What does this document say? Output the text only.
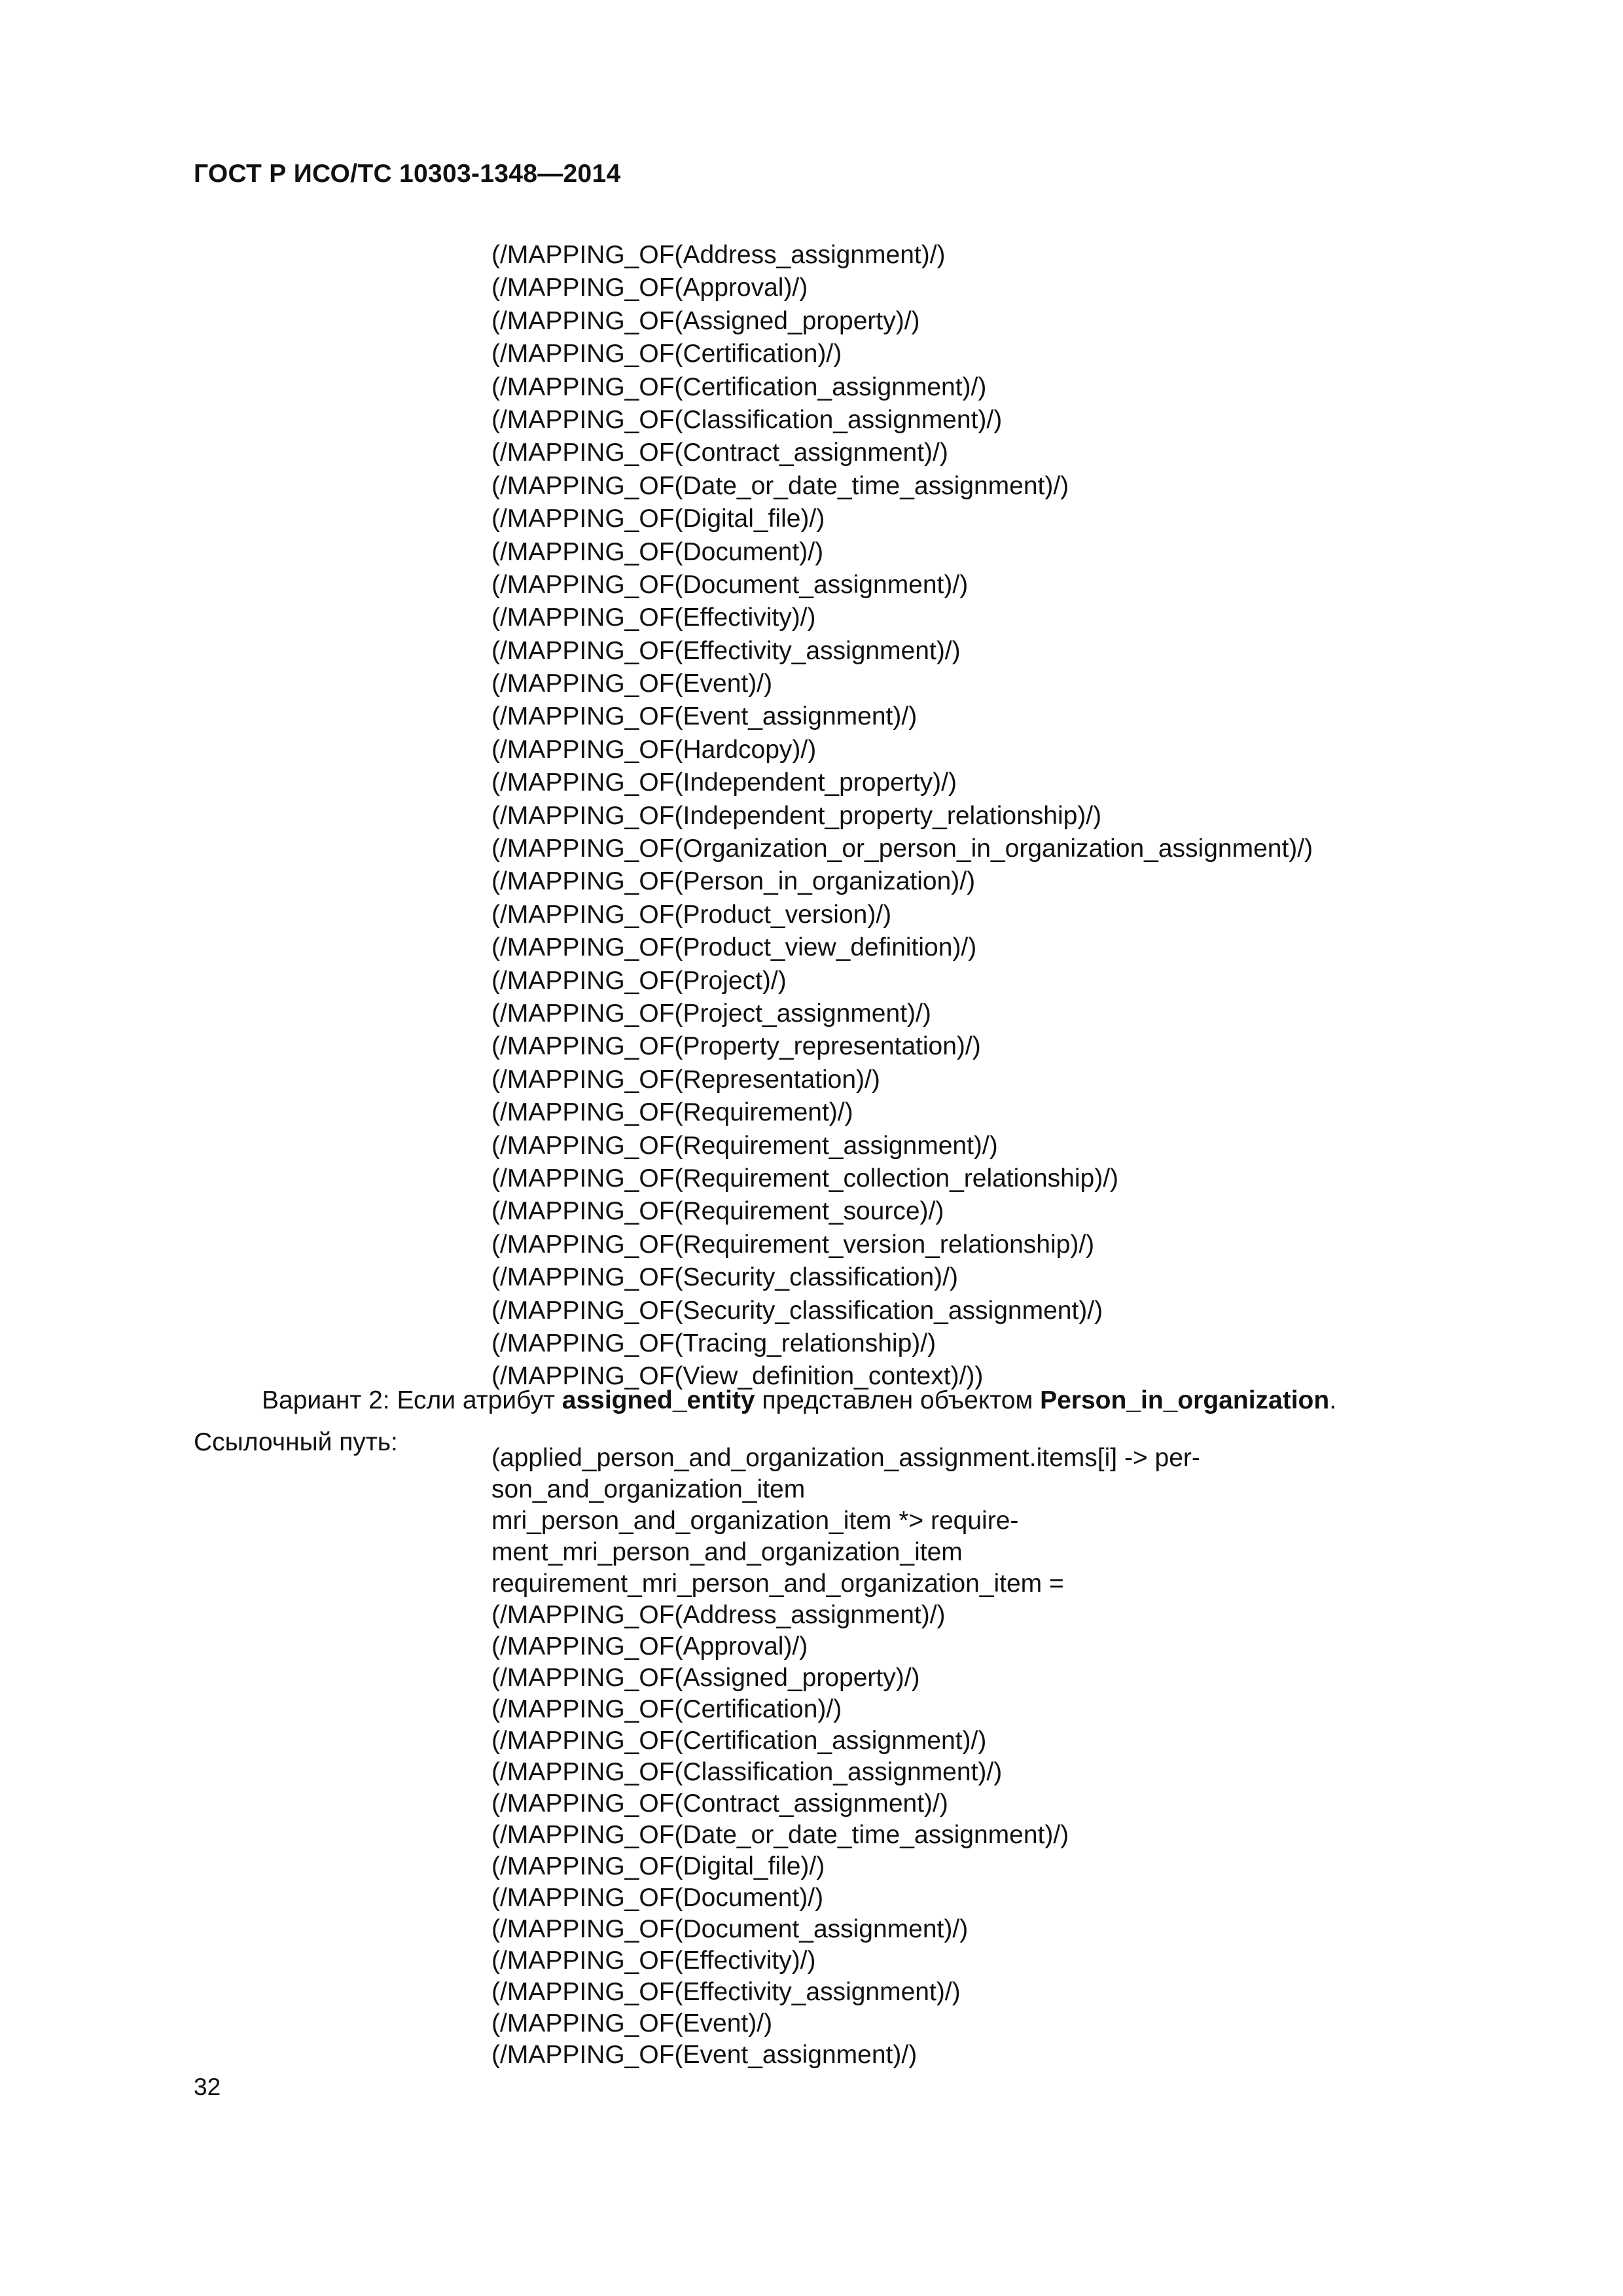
ГОСТ Р ИСО/ТС 10303-1348—2014
(/MAPPING_OF(Address_assignment)/)
(/MAPPING_OF(Approval)/)
(/MAPPING_OF(Assigned_property)/)
(/MAPPING_OF(Certification)/)
(/MAPPING_OF(Certification_assignment)/)
(/MAPPING_OF(Classification_assignment)/)
(/MAPPING_OF(Contract_assignment)/)
(/MAPPING_OF(Date_or_date_time_assignment)/)
(/MAPPING_OF(Digital_file)/)
(/MAPPING_OF(Document)/)
(/MAPPING_OF(Document_assignment)/)
(/MAPPING_OF(Effectivity)/)
(/MAPPING_OF(Effectivity_assignment)/)
(/MAPPING_OF(Event)/)
(/MAPPING_OF(Event_assignment)/)
(/MAPPING_OF(Hardcopy)/)
(/MAPPING_OF(Independent_property)/)
(/MAPPING_OF(Independent_property_relationship)/)
(/MAPPING_OF(Organization_or_person_in_organization_assignment)/)
(/MAPPING_OF(Person_in_organization)/)
(/MAPPING_OF(Product_version)/)
(/MAPPING_OF(Product_view_definition)/)
(/MAPPING_OF(Project)/)
(/MAPPING_OF(Project_assignment)/)
(/MAPPING_OF(Property_representation)/)
(/MAPPING_OF(Representation)/)
(/MAPPING_OF(Requirement)/)
(/MAPPING_OF(Requirement_assignment)/)
(/MAPPING_OF(Requirement_collection_relationship)/)
(/MAPPING_OF(Requirement_source)/)
(/MAPPING_OF(Requirement_version_relationship)/)
(/MAPPING_OF(Security_classification)/)
(/MAPPING_OF(Security_classification_assignment)/)
(/MAPPING_OF(Tracing_relationship)/)
(/MAPPING_OF(View_definition_context)/))
Вариант 2: Если атрибут assigned_entity представлен объектом Person_in_organization.
Ссылочный путь:
(applied_person_and_organization_assignment.items[i] -> per-
son_and_organization_item
mri_person_and_organization_item *> require-
ment_mri_person_and_organization_item
requirement_mri_person_and_organization_item =
(/MAPPING_OF(Address_assignment)/)
(/MAPPING_OF(Approval)/)
(/MAPPING_OF(Assigned_property)/)
(/MAPPING_OF(Certification)/)
(/MAPPING_OF(Certification_assignment)/)
(/MAPPING_OF(Classification_assignment)/)
(/MAPPING_OF(Contract_assignment)/)
(/MAPPING_OF(Date_or_date_time_assignment)/)
(/MAPPING_OF(Digital_file)/)
(/MAPPING_OF(Document)/)
(/MAPPING_OF(Document_assignment)/)
(/MAPPING_OF(Effectivity)/)
(/MAPPING_OF(Effectivity_assignment)/)
(/MAPPING_OF(Event)/)
(/MAPPING_OF(Event_assignment)/)
32
